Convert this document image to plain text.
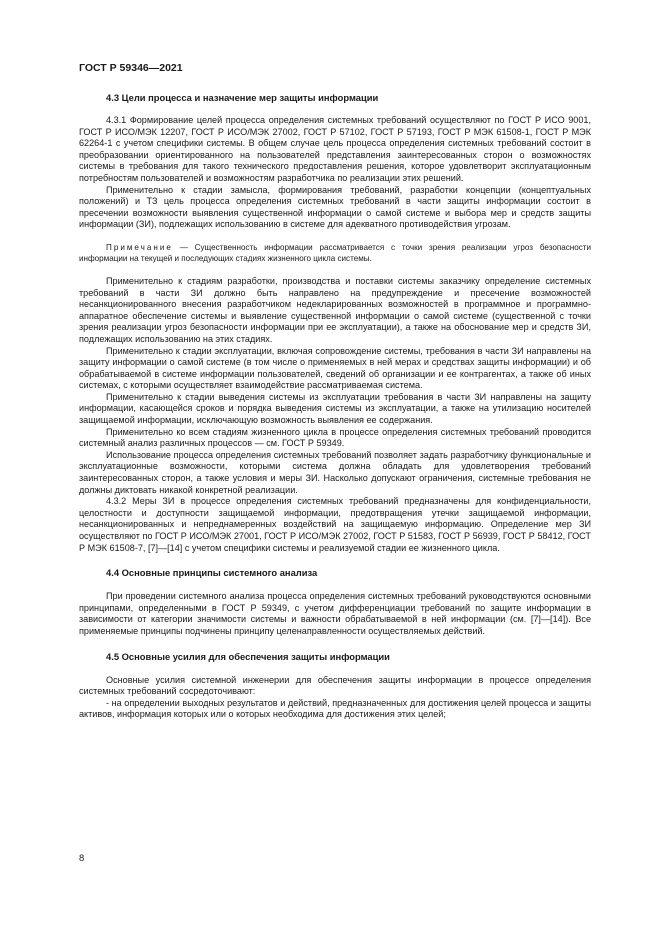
ГОСТ Р 59346—2021
4.3 Цели процесса и назначение мер защиты информации

4.3.1 Формирование целей процесса определения системных требований осуществляют по ГОСТ Р ИСО 9001, ГОСТ Р ИСО/МЭК 12207, ГОСТ Р ИСО/МЭК 27002, ГОСТ Р 57102, ГОСТ Р 57193, ГОСТ Р МЭК 61508-1, ГОСТ Р МЭК 62264-1 с учетом специфики системы. В общем случае цель процесса определения системных требований состоит в преобразовании ориентированного на пользователей представления заинтересованных сторон о возможностях системы в требования для такого технического предоставления решения, которое удовлетворит эксплуатационным потребностям пользователей и возможностям разработчика по реализации этих решений.

Применительно к стадии замысла, формирования требований, разработки концепции (концептуальных положений) и ТЗ цель процесса определения системных требований в части защиты информации состоит в пресечении возможности выявления существенной информации о самой системе и выбора мер и средств защиты информации (ЗИ), подлежащих использованию в системе для адекватного противодействия угрозам.

Примечание — Существенность информации рассматривается с точки зрения реализации угроз безопасности информации на текущей и последующих стадиях жизненного цикла системы.

Применительно к стадиям разработки, производства и поставки системы заказчику определение системных требований в части ЗИ должно быть направлено на предупреждение и пресечение возможностей несанкционированного внесения разработчиком недекларированных возможностей в программное и программно-аппаратное обеспечение системы и выявление существенной информации о самой системе (существенной с точки зрения реализации угроз безопасности информации при ее эксплуатации), а также на обоснование мер и средств ЗИ, подлежащих использованию на этих стадиях.

Применительно к стадии эксплуатации, включая сопровождение системы, требования в части ЗИ направлены на защиту информации о самой системе (в том числе о применяемых в ней мерах и средствах защиты информации) и об обрабатываемой в системе информации пользователей, сведений об организации и ее контрагентах, а также об иных системах, с которыми осуществляет взаимодействие рассматриваемая система.

Применительно к стадии выведения системы из эксплуатации требования в части ЗИ направлены на защиту информации, касающейся сроков и порядка выведения системы из эксплуатации, а также на утилизацию носителей защищаемой информации, исключающую возможность выявления ее содержания.

Применительно ко всем стадиям жизненного цикла в процессе определения системных требований проводится системный анализ различных процессов — см. ГОСТ Р 59349.

Использование процесса определения системных требований позволяет задать разработчику функциональные и эксплуатационные возможности, которыми система должна обладать для удовлетворения требований заинтересованных сторон, а также условия и меры ЗИ. Насколько допускают ограничения, системные требования не должны диктовать никакой конкретной реализации.

4.3.2 Меры ЗИ в процессе определения системных требований предназначены для конфиденциальности, целостности и доступности защищаемой информации, предотвращения утечки защищаемой информации, несанкционированных и непреднамеренных воздействий на защищаемую информацию. Определение мер ЗИ осуществляют по ГОСТ Р ИСО/МЭК 27001, ГОСТ Р ИСО/МЭК 27002, ГОСТ Р 51583, ГОСТ Р 56939, ГОСТ Р 58412, ГОСТ Р МЭК 61508-7, [7]—[14] с учетом специфики системы и реализуемой стадии ее жизненного цикла.

4.4 Основные принципы системного анализа

При проведении системного анализа процесса определения системных требований руководствуются основными принципами, определенными в ГОСТ Р 59349, с учетом дифференциации требований по защите информации в зависимости от категории значимости системы и важности обрабатываемой в ней информации (см. [7]—[14]). Все применяемые принципы подчинены принципу целенаправленности осуществляемых действий.

4.5 Основные усилия для обеспечения защиты информации

Основные усилия системной инженерии для обеспечения защиты информации в процессе определения системных требований сосредоточивают:

- на определении выходных результатов и действий, предназначенных для достижения целей процесса и защиты активов, информация которых или о которых необходима для достижения этих целей;

8
